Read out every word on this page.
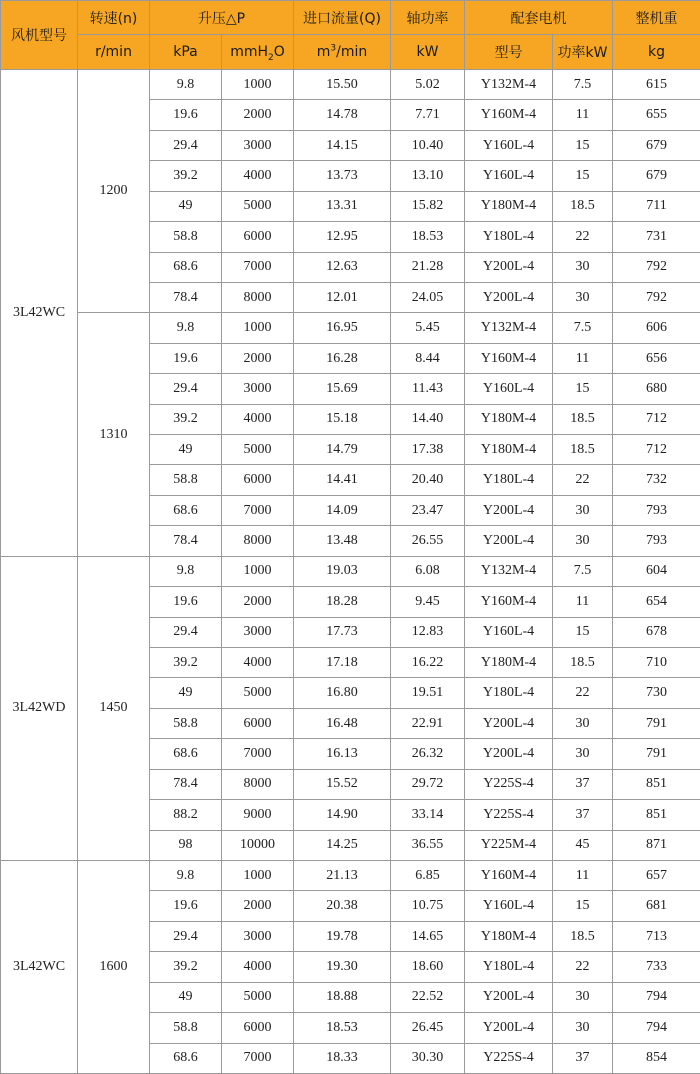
风机型号	转速(n)	升压△P		进口流量(Q)	轴功率	配套电机		整机重
	r/min	kPa	mmH$_2$O	$m^3/\min$	kW	型号	功率kW	kg
3L42WC	1200	9.8	1000	15.50	5.02	Y132M-4	7.5	615
		19.6	2000	14.78	7.71	Y160M-4	11	655
		29.4	3000	14.15	10.40	Y160L-4	15	679
		39.2	4000	13.73	13.10	Y160L-4	15	679
		49	5000	13.31	15.82	Y180M-4	18.5	711
		58.8	6000	12.95	18.53	Y180L-4	22	731
		68.6	7000	12.63	21.28	Y200L-4	30	792
		78.4	8000	12.01	24.05	Y200L-4	30	792
	1310	9.8	1000	16.95	5.45	Y132M-4	7.5	606
		19.6	2000	16.28	8.44	Y160M-4	11	656
		29.4	3000	15.69	11.43	Y160L-4	15	680
		39.2	4000	15.18	14.40	Y180M-4	18.5	712
		49	5000	14.79	17.38	Y180M-4	18.5	712
		58.8	6000	14.41	20.40	Y180L-4	22	732
		68.6	7000	14.09	23.47	Y200L-4	30	793
		78.4	8000	13.48	26.55	Y200L-4	30	793
3L42WD	1450	9.8	1000	19.03	6.08	Y132M-4	7.5	604
		19.6	2000	18.28	9.45	Y160M-4	11	654
		29.4	3000	17.73	12.83	Y160L-4	15	678
		39.2	4000	17.18	16.22	Y180M-4	18.5	710
		49	5000	16.80	19.51	Y180L-4	22	730
		58.8	6000	16.48	22.91	Y200L-4	30	791
		68.6	7000	16.13	26.32	Y200L-4	30	791
		78.4	8000	15.52	29.72	Y225S-4	37	851
		88.2	9000	14.90	33.14	Y225S-4	37	851
		98	10000	14.25	36.55	Y225M-4	45	871
3L42WC	1600	9.8	1000	21.13	6.85	Y160M-4	11	657
		19.6	2000	20.38	10.75	Y160L-4	15	681
		29.4	3000	19.78	14.65	Y180M-4	18.5	713
		39.2	4000	19.30	18.60	Y180L-4	22	733
		49	5000	18.88	22.52	Y200L-4	30	794
		58.8	6000	18.53	26.45	Y200L-4	30	794
		68.6	7000	18.33	30.30	Y225S-4	37	854
